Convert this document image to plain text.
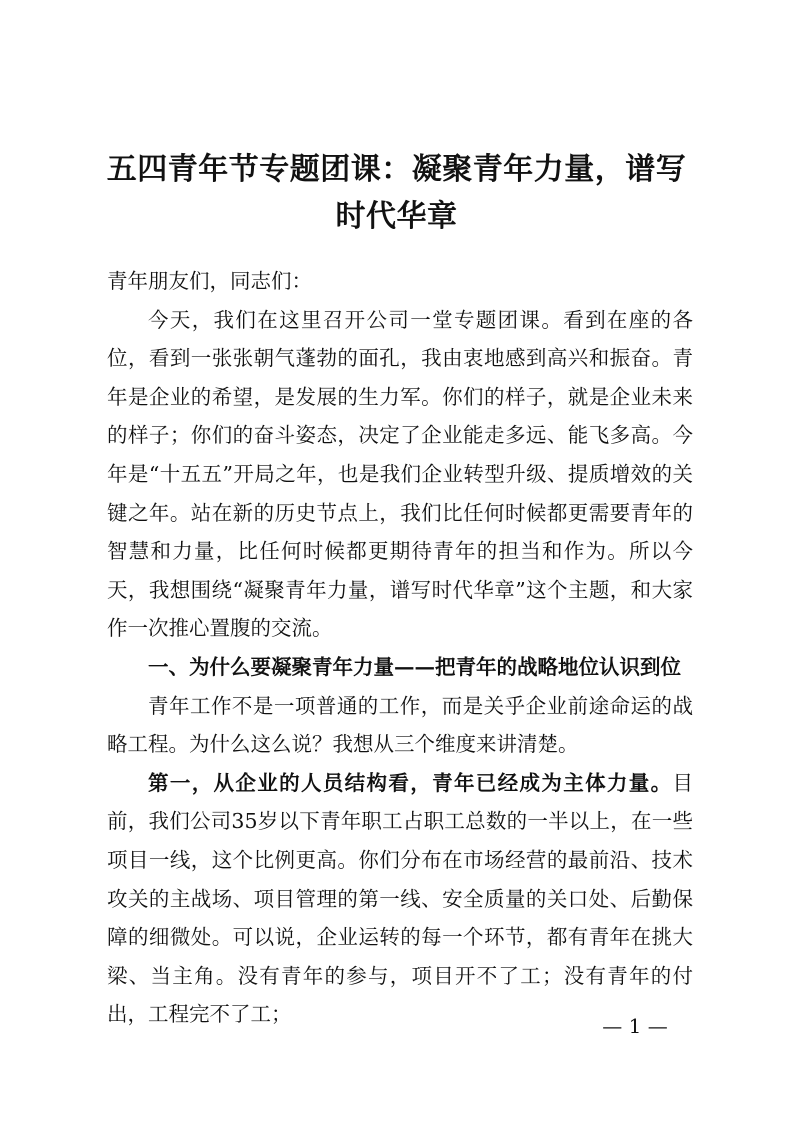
五四青年节专题团课：凝聚青年力量，谱写时代华章

青年朋友们，同志们：

今天，我们在这里召开公司一堂专题团课。看到在座的各位，看到一张张朝气蓬勃的面孔，我由衷地感到高兴和振奋。青年是企业的希望，是发展的生力军。你们的样子，就是企业未来的样子；你们的奋斗姿态，决定了企业能走多远、能飞多高。今年是“十五五”开局之年，也是我们企业转型升级、提质增效的关键之年。站在新的历史节点上，我们比任何时候都更需要青年的智慧和力量，比任何时候都更期待青年的担当和作为。所以今天，我想围绕“凝聚青年力量，谱写时代华章”这个主题，和大家作一次推心置腹的交流。

一、为什么要凝聚青年力量——把青年的战略地位认识到位

青年工作不是一项普通的工作，而是关乎企业前途命运的战略工程。为什么这么说？我想从三个维度来讲清楚。

第一，从企业的人员结构看，青年已经成为主体力量。目前，我们公司35岁以下青年职工占职工总数的一半以上，在一些项目一线，这个比例更高。你们分布在市场经营的最前沿、技术攻关的主战场、项目管理的第一线、安全质量的关口处、后勤保障的细微处。可以说，企业运转的每一个环节，都有青年在挑大梁、当主角。没有青年的参与，项目开不了工；没有青年的付出，工程完不了工；	— 1 —
